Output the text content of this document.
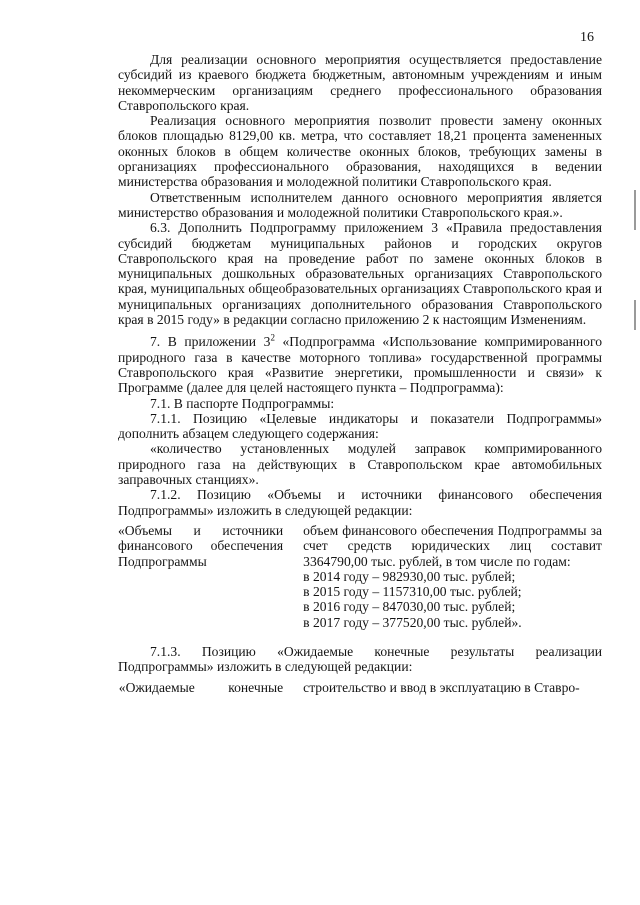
16

Для реализации основного мероприятия осуществляется предоставление субсидий из краевого бюджета бюджетным, автономным учреждениям и иным некоммерческим организациям среднего профессионального образования Ставропольского края.

Реализация основного мероприятия позволит провести замену оконных блоков площадью 8129,00 кв. метра, что составляет 18,21 процента замененных оконных блоков в общем количестве оконных блоков, требующих замены в организациях профессионального образования, находящихся в ведении министерства образования и молодежной политики Ставропольского края.

Ответственным исполнителем данного основного мероприятия является министерство образования и молодежной политики Ставропольского края.».

6.3. Дополнить Подпрограмму приложением 3 «Правила предоставления субсидий бюджетам муниципальных районов и городских округов Ставропольского края на проведение работ по замене оконных блоков в муниципальных дошкольных образовательных организациях Ставропольского края, муниципальных общеобразовательных организациях Ставропольского края и муниципальных организациях дополнительного образования Ставропольского края в 2015 году» в редакции согласно приложению 2 к настоящим Изменениям.

7. В приложении $3^2$ «Подпрограмма «Использование компримированного природного газа в качестве моторного топлива» государственной программы Ставропольского края «Развитие энергетики, промышленности и связи» к Программе (далее для целей настоящего пункта – Подпрограмма):

7.1. В паспорте Подпрограммы:

7.1.1. Позицию «Целевые индикаторы и показатели Подпрограммы» дополнить абзацем следующего содержания:

«количество установленных модулей заправок компримированного природного газа на действующих в Ставропольском крае автомобильных заправочных станциях».

7.1.2. Позицию «Объемы и источники финансового обеспечения Подпрограммы» изложить в следующей редакции:

«Объемы и источники финансового обеспечения Подпрограммы
объем финансового обеспечения Подпрограммы за счет средств юридических лиц составит 3364790,00 тыс. рублей, в том числе по годам:
в 2014 году – 982930,00 тыс. рублей;
в 2015 году – 1157310,00 тыс. рублей;
в 2016 году – 847030,00 тыс. рублей;
в 2017 году – 377520,00 тыс. рублей».

7.1.3. Позицию «Ожидаемые конечные результаты реализации Подпрограммы» изложить в следующей редакции:

«Ожидаемые конечные	строительство и ввод в эксплуатацию в Ставро-
